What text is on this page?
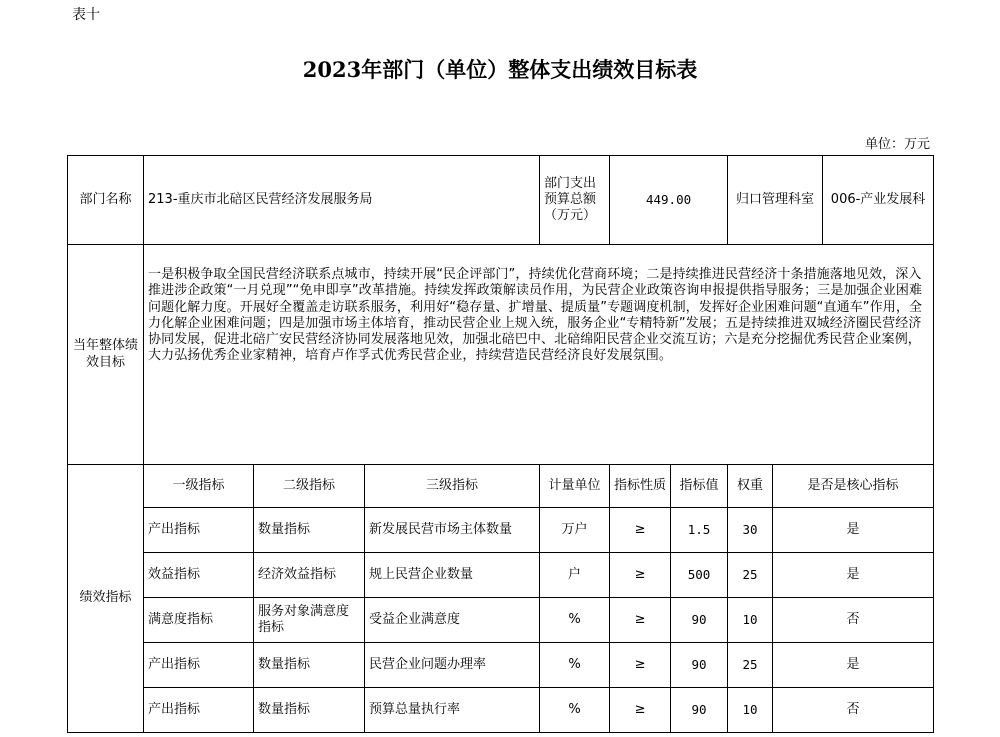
表十
2023年部门（单位）整体支出绩效目标表
单位：万元
部门名称	213-重庆市北碚区民营经济发展服务局			部门支出预算总额（万元）	449.00		归口管理科室		006-产业发展科
当年整体绩效目标	一是积极争取全国民营经济联系点城市，持续开展“民企评部门”，持续优化营商环境；二是持续推进民营经济十条措施落地见效，深入推进涉企政策“一月兑现”“免申即享”改革措施。持续发挥政策解读员作用，为民营企业政策咨询申报提供指导服务；三是加强企业困难问题化解力度。开展好全覆盖走访联系服务，利用好“稳存量、扩增量、提质量”专题调度机制，发挥好企业困难问题“直通车”作用，全力化解企业困难问题；四是加强市场主体培育，推动民营企业上规入统，服务企业“专精特新”发展；五是持续推进双城经济圈民营经济协同发展，促进北碚广安民营经济协同发展落地见效，加强北碚巴中、北碚绵阳民营企业交流互访；六是充分挖掘优秀民营企业案例，大力弘扬优秀企业家精神，培育卢作孚式优秀民营企业，持续营造民营经济良好发展氛围。								
绩效指标	一级指标	二级指标	三级指标	计量单位	指标性质	指标值	权重	是否是核心指标	
	产出指标	数量指标	新发展民营市场主体数量	万户	≥	1.5	30	是	
	效益指标	经济效益指标	规上民营企业数量	户	≥	500	25	是	
	满意度指标	服务对象满意度指标	受益企业满意度	%	≥	90	10	否	
	产出指标	数量指标	民营企业问题办理率	%	≥	90	25	是	
	产出指标	数量指标	预算总量执行率	%	≥	90	10	否	
